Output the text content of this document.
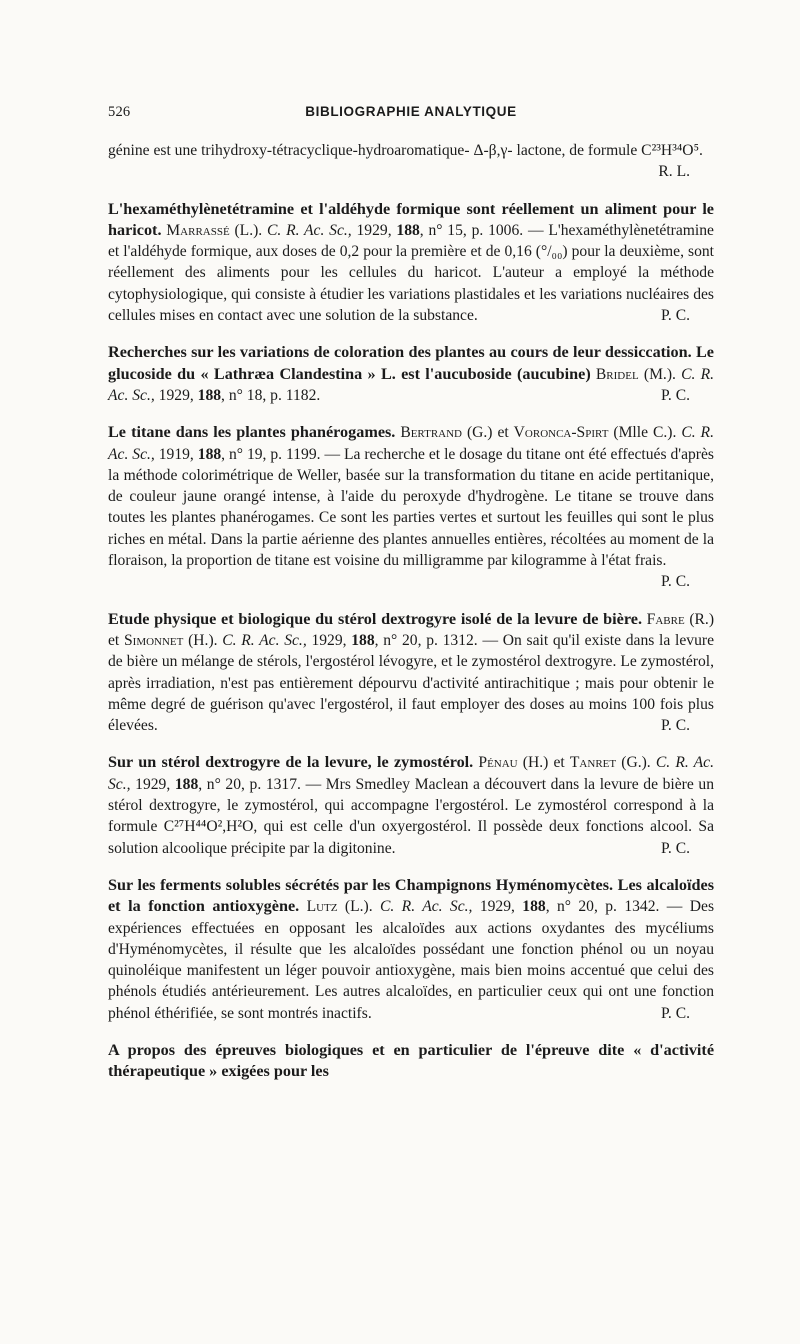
526	BIBLIOGRAPHIE ANALYTIQUE

génine est une trihydroxy-tétracyclique-hydroaromatique- Δ-β,γ- lactone, de formule C²³H³⁴O⁵.
R. L.

L'hexaméthylènetétramine et l'aldéhyde formique sont réellement un aliment pour le haricot. Marrassé (L.). C. R. Ac. Sc., 1929, 188, n° 15, p. 1006. — L'hexaméthylènetétramine et l'aldéhyde formique, aux doses de 0,2 pour la première et de 0,16 (°/₀₀) pour la deuxième, sont réellement des aliments pour les cellules du haricot. L'auteur a employé la méthode cytophysiologique, qui consiste à étudier les variations plastidales et les variations nucléaires des cellules mises en contact avec une solution de la substance.	P. C.

Recherches sur les variations de coloration des plantes au cours de leur dessiccation. Le glucoside du « Lathræa Clandestina » L. est l'aucuboside (aucubine) Bridel (M.). C. R. Ac. Sc., 1929, 188, n° 18, p. 1182.	P. C.

Le titane dans les plantes phanérogames. Bertrand (G.) et Voronca-Spirt (Mlle C.). C. R. Ac. Sc., 1919, 188, n° 19, p. 1199. — La recherche et le dosage du titane ont été effectués d'après la méthode colorimétrique de Weller, basée sur la transformation du titane en acide pertitanique, de couleur jaune orangé intense, à l'aide du peroxyde d'hydrogène. Le titane se trouve dans toutes les plantes phanérogames. Ce sont les parties vertes et surtout les feuilles qui sont le plus riches en métal. Dans la partie aérienne des plantes annuelles entières, récoltées au moment de la floraison, la proportion de titane est voisine du milligramme par kilogramme à l'état frais.
P. C.

Etude physique et biologique du stérol dextrogyre isolé de la levure de bière. Fabre (R.) et Simonnet (H.). C. R. Ac. Sc., 1929, 188, n° 20, p. 1312. — On sait qu'il existe dans la levure de bière un mélange de stérols, l'ergostérol lévogyre, et le zymostérol dextrogyre. Le zymostérol, après irradiation, n'est pas entièrement dépourvu d'activité antirachitique ; mais pour obtenir le même degré de guérison qu'avec l'ergostérol, il faut employer des doses au moins 100 fois plus élevées.	P. C.

Sur un stérol dextrogyre de la levure, le zymostérol. Pénau (H.) et Tanret (G.). C. R. Ac. Sc., 1929, 188, n° 20, p. 1317. — Mrs Smedley Maclean a découvert dans la levure de bière un stérol dextrogyre, le zymostérol, qui accompagne l'ergostérol. Le zymostérol correspond à la formule C²⁷H⁴⁴O²,H²O, qui est celle d'un oxyergostérol. Il possède deux fonctions alcool. Sa solution alcoolique précipite par la digitonine.	P. C.

Sur les ferments solubles sécrétés par les Champignons Hyménomycètes. Les alcaloïdes et la fonction antioxygène. Lutz (L.). C. R. Ac. Sc., 1929, 188, n° 20, p. 1342. — Des expériences effectuées en opposant les alcaloïdes aux actions oxydantes des mycéliums d'Hyménomycètes, il résulte que les alcaloïdes possédant une fonction phénol ou un noyau quinoléique manifestent un léger pouvoir antioxygène, mais bien moins accentué que celui des phénols étudiés antérieurement. Les autres alcaloïdes, en particulier ceux qui ont une fonction phénol éthérifiée, se sont montrés inactifs.	P. C.

A propos des épreuves biologiques et en particulier de l'épreuve dite « d'activité thérapeutique » exigées pour les
